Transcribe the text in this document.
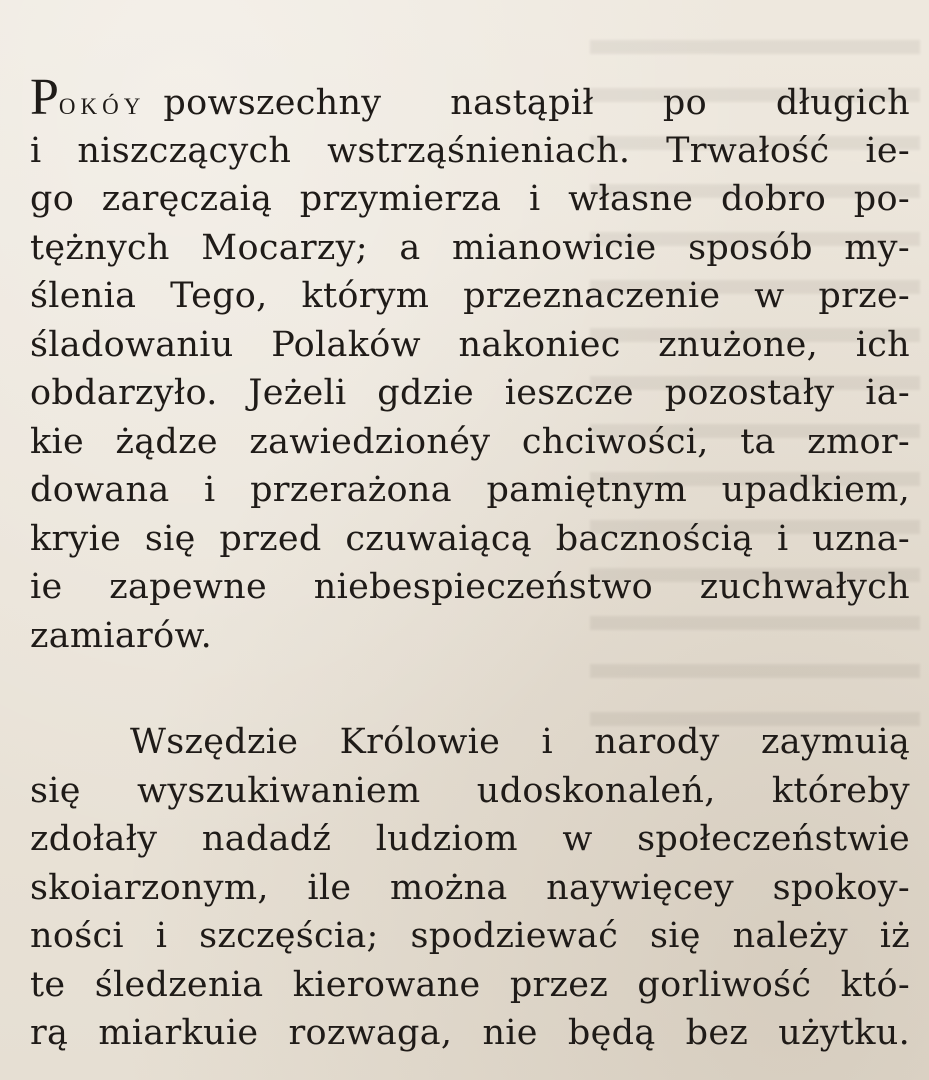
POKÓY powszechny nastąpił po długich
i niszczących wstrząśnieniach. Trwałość ie-
go zaręczaią przymierza i własne dobro po-
tężnych Mocarzy; a mianowicie sposób my-
ślenia Tego, którym przeznaczenie w prze-
śladowaniu Polaków nakoniec znużone, ich
obdarzyło. Jeżeli gdzie ieszcze pozostały ia-
kie żądze zawiedzionéy chciwości, ta zmor-
dowana i przerażona pamiętnym upadkiem,
kryie się przed czuwaiącą bacznością i uzna-
ie zapewne niebespieczeństwo zuchwałych
zamiarów.
Wszędzie Królowie i narody zaymuią
się wyszukiwaniem udoskonaleń, któreby
zdołały nadadź ludziom w społeczeństwie
skoiarzonym, ile można naywięcey spokoy-
ności i szczęścia; spodziewać się należy iż
te śledzenia kierowane przez gorliwość któ-
rą miarkuie rozwaga, nie będą bez użytku.
